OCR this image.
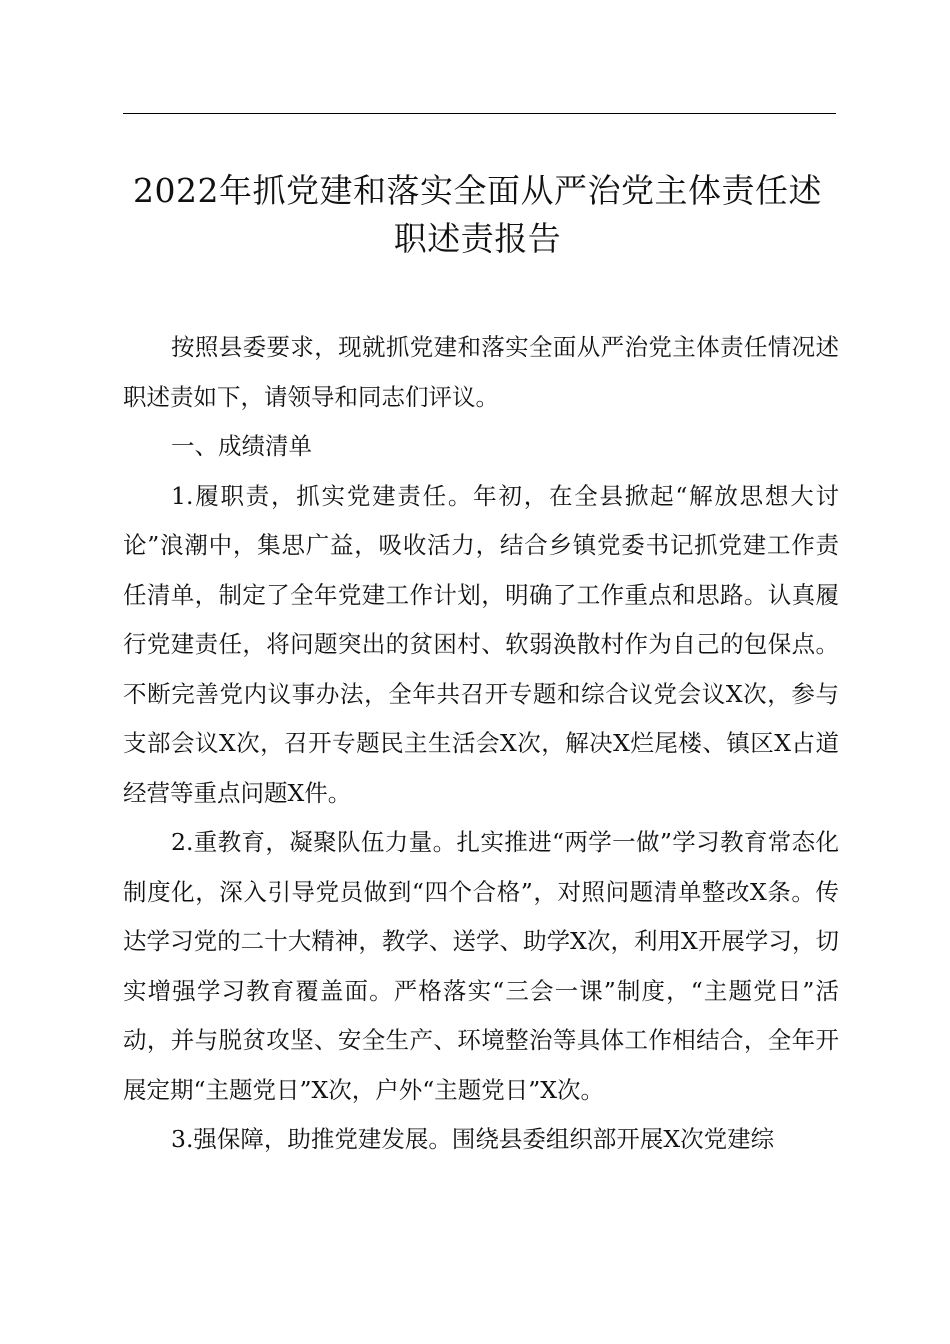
2022年抓党建和落实全面从严治党主体责任述
职述责报告

按照县委要求，现就抓党建和落实全面从严治党主体责任情况述职述责如下，请领导和同志们评议。

一、成绩清单

1.履职责，抓实党建责任。年初，在全县掀起“解放思想大讨论”浪潮中，集思广益，吸收活力，结合乡镇党委书记抓党建工作责任清单，制定了全年党建工作计划，明确了工作重点和思路。认真履行党建责任，将问题突出的贫困村、软弱涣散村作为自己的包保点。不断完善党内议事办法，全年共召开专题和综合议党会议X次，参与支部会议X次，召开专题民主生活会X次，解决X烂尾楼、镇区X占道经营等重点问题X件。

2.重教育，凝聚队伍力量。扎实推进“两学一做”学习教育常态化制度化，深入引导党员做到“四个合格”，对照问题清单整改X条。传达学习党的二十大精神，教学、送学、助学X次，利用X开展学习，切实增强学习教育覆盖面。严格落实“三会一课”制度，“主题党日”活动，并与脱贫攻坚、安全生产、环境整治等具体工作相结合，全年开展定期“主题党日”X次，户外“主题党日”X次。

3.强保障，助推党建发展。围绕县委组织部开展X次党建综
